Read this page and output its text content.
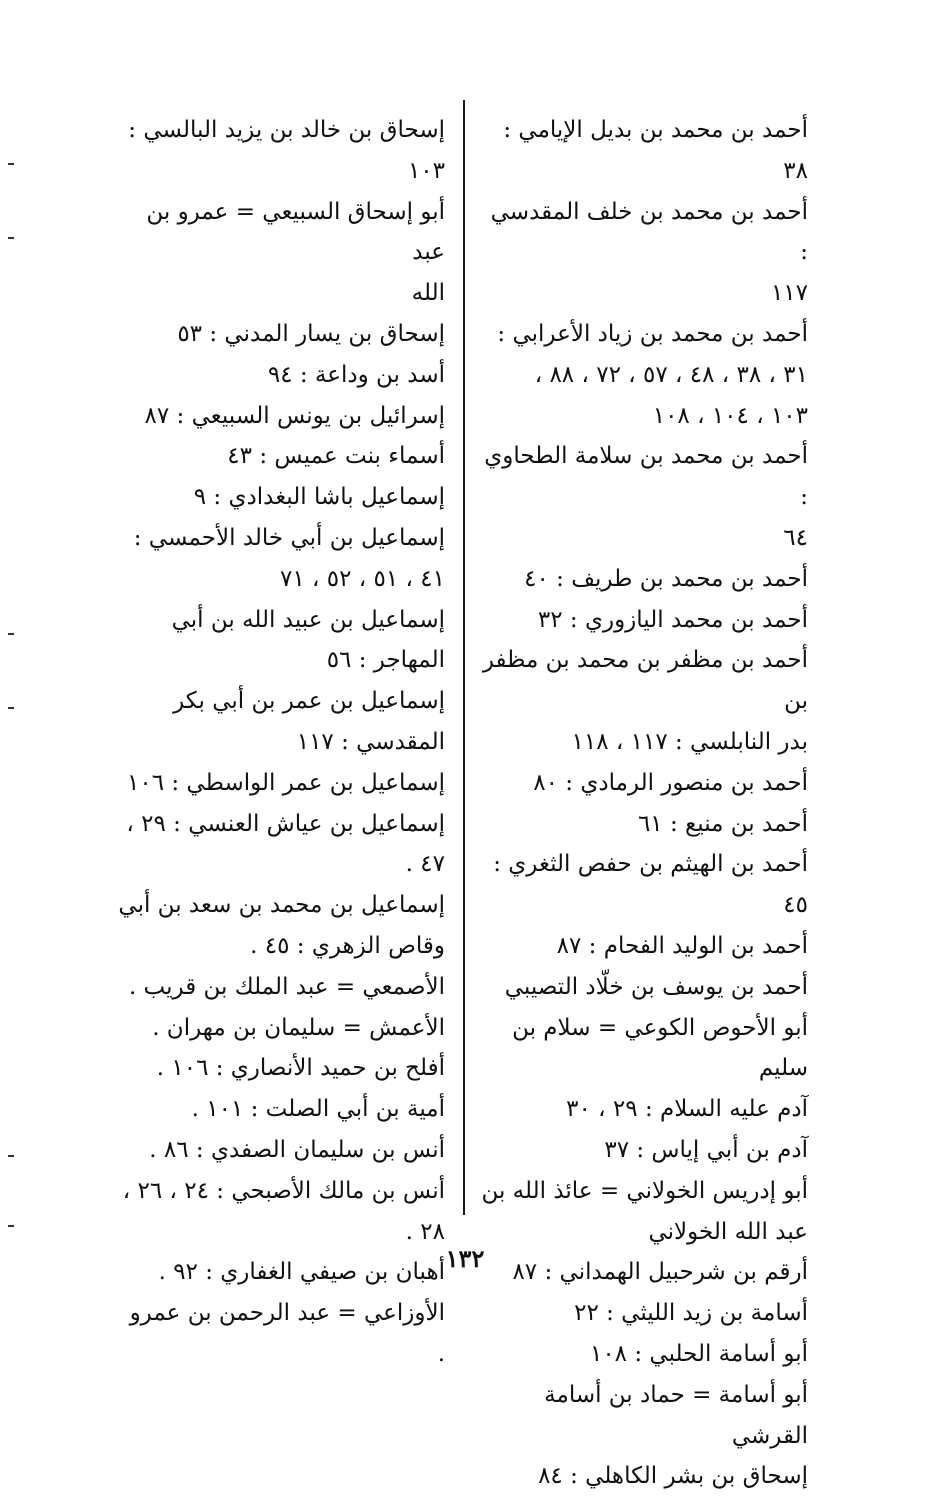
أحمد بن محمد بن بديل الإيامي : ٣٨
أحمد بن محمد بن خلف المقدسي :
١١٧
أحمد بن محمد بن زياد الأعرابي :
٣١ ، ٣٨ ، ٤٨ ، ٥٧ ، ٧٢ ، ٨٨ ،
١٠٣ ، ١٠٤ ، ١٠٨
أحمد بن محمد بن سلامة الطحاوي :
٦٤
أحمد بن محمد بن طريف : ٤٠
أحمد بن محمد اليازوري : ٣٢
أحمد بن مظفر بن محمد بن مظفر بن
بدر النابلسي : ١١٧ ، ١١٨
أحمد بن منصور الرمادي : ٨٠
أحمد بن منيع : ٦١
أحمد بن الهيثم بن حفص الثغري :
٤٥
أحمد بن الوليد الفحام : ٨٧
أحمد بن يوسف بن خلّاد التصيبي
أبو الأحوص الكوعي = سلام بن سليم
آدم عليه السلام : ٢٩ ، ٣٠
آدم بن أبي إياس : ٣٧
أبو إدريس الخولاني = عائذ الله بن
عبد الله الخولاني
أرقم بن شرحبيل الهمداني : ٨٧
أسامة بن زيد الليثي : ٢٢
أبو أسامة الحلبي : ١٠٨
أبو أسامة = حماد بن أسامة القرشي
إسحاق بن بشر الكاهلي : ٨٤
إسحاق بن خالد بن يزيد البالسي :
١٠٣
أبو إسحاق السبيعي = عمرو بن عبد
الله
إسحاق بن يسار المدني : ٥٣
أسد بن وداعة : ٩٤
إسرائيل بن يونس السبيعي : ٨٧
أسماء بنت عميس : ٤٣
إسماعيل باشا البغدادي : ٩
إسماعيل بن أبي خالد الأحمسي :
٤١ ، ٥١ ، ٥٢ ، ٧١
إسماعيل بن عبيد الله بن أبي
المهاجر : ٥٦
إسماعيل بن عمر بن أبي بكر
المقدسي : ١١٧
إسماعيل بن عمر الواسطي : ١٠٦
إسماعيل بن عياش العنسي : ٢٩ ،
٤٧ .
إسماعيل بن محمد بن سعد بن أبي
وقاص الزهري : ٤٥ .
الأصمعي = عبد الملك بن قريب .
الأعمش = سليمان بن مهران .
أفلح بن حميد الأنصاري : ١٠٦ .
أمية بن أبي الصلت : ١٠١ .
أنس بن سليمان الصفدي : ٨٦ .
أنس بن مالك الأصبحي : ٢٤ ، ٢٦ ،
٢٨ .
أهبان بن صيفي الغفاري : ٩٢ .
الأوزاعي = عبد الرحمن بن عمرو .
١٣٢
